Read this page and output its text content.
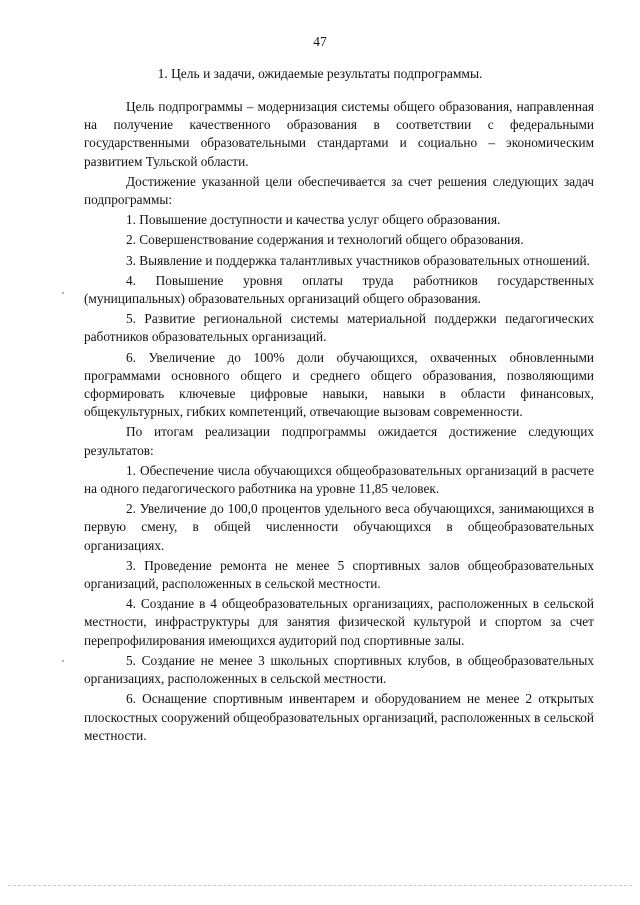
47
1. Цель и задачи, ожидаемые результаты подпрограммы.

Цель подпрограммы – модернизация системы общего образования, направленная на получение качественного образования в соответствии с федеральными государственными образовательными стандартами и социально – экономическим развитием Тульской области.

Достижение указанной цели обеспечивается за счет решения следующих задач подпрограммы:

1. Повышение доступности и качества услуг общего образования.

2. Совершенствование содержания и технологий общего образования.

3. Выявление и поддержка талантливых участников образовательных отношений.

4. Повышение уровня оплаты труда работников государственных (муниципальных) образовательных организаций общего образования.

5. Развитие региональной системы материальной поддержки педагогических работников образовательных организаций.

6. Увеличение до 100% доли обучающихся, охваченных обновленными программами основного общего и среднего общего образования, позволяющими сформировать ключевые цифровые навыки, навыки в области финансовых, общекультурных, гибких компетенций, отвечающие вызовам современности.

По итогам реализации подпрограммы ожидается достижение следующих результатов:

1. Обеспечение числа обучающихся общеобразовательных организаций в расчете на одного педагогического работника на уровне 11,85 человек.

2. Увеличение до 100,0 процентов удельного веса обучающихся, занимающихся в первую смену, в общей численности обучающихся в общеобразовательных организациях.

3. Проведение ремонта не менее 5 спортивных залов общеобразовательных организаций, расположенных в сельской местности.

4. Создание в 4 общеобразовательных организациях, расположенных в сельской местности, инфраструктуры для занятия физической культурой и спортом за счет перепрофилирования имеющихся аудиторий под спортивные залы.

5. Создание не менее 3 школьных спортивных клубов, в общеобразовательных организациях, расположенных в сельской местности.

6. Оснащение спортивным инвентарем и оборудованием не менее 2 открытых плоскостных сооружений общеобразовательных организаций, расположенных в сельской местности.
